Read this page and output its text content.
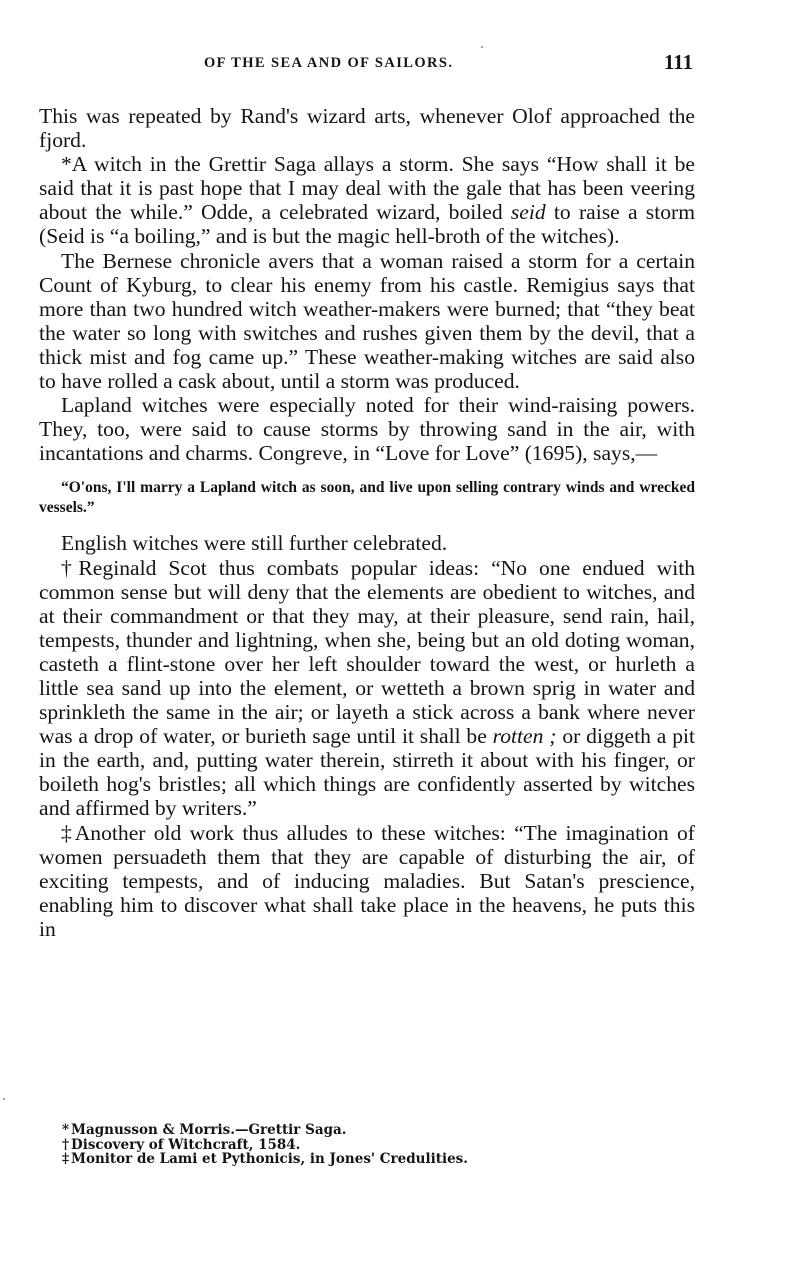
OF THE SEA AND OF SAILORS.	111

This was repeated by Rand's wizard arts, whenever Olof approached the fjord.

*A witch in the Grettir Saga allays a storm. She says “How shall it be said that it is past hope that I may deal with the gale that has been veering about the while.” Odde, a celebrated wizard, boiled seid to raise a storm (Seid is “a boiling,” and is but the magic hell-broth of the witches).

The Bernese chronicle avers that a woman raised a storm for a certain Count of Kyburg, to clear his enemy from his castle. Remigius says that more than two hundred witch weather-makers were burned; that “they beat the water so long with switches and rushes given them by the devil, that a thick mist and fog came up.” These weather-making witches are said also to have rolled a cask about, until a storm was produced.

Lapland witches were especially noted for their wind-raising powers. They, too, were said to cause storms by throwing sand in the air, with incantations and charms. Congreve, in “Love for Love” (1695), says,—

“O'ons, I'll marry a Lapland witch as soon, and live upon selling contrary winds and wrecked vessels.”

English witches were still further celebrated.

†Reginald Scot thus combats popular ideas: “No one endued with common sense but will deny that the elements are obedient to witches, and at their commandment or that they may, at their pleasure, send rain, hail, tempests, thunder and lightning, when she, being but an old doting woman, casteth a flint-stone over her left shoulder toward the west, or hurleth a little sea sand up into the element, or wetteth a brown sprig in water and sprinkleth the same in the air; or layeth a stick across a bank where never was a drop of water, or burieth sage until it shall be rotten ; or diggeth a pit in the earth, and, putting water therein, stirreth it about with his finger, or boileth hog's bristles; all which things are confidently asserted by witches and affirmed by writers.”

‡Another old work thus alludes to these witches: “The imagination of women persuadeth them that they are capable of disturbing the air, of exciting tempests, and of inducing maladies. But Satan's prescience, enabling him to discover what shall take place in the heavens, he puts this in

* Magnusson & Morris.—Grettir Saga.
† Discovery of Witchcraft, 1584.
‡ Monitor de Lami et Pythonicis, in Jones' Credulities.
